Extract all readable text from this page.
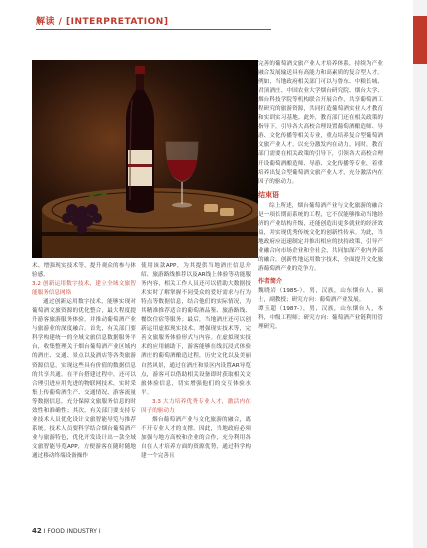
解读 / [INTERPRETATION]

术、增强现实技术等，提升观众的参与体验感。

3.2 创新运用数字技术，建立全域文旅智能服务信息网络

通过创新运用数字技术，能够实现对葡萄酒文旅资源的优化整合，最大程度提升游客旅游服务体验，并推动葡萄酒产业与旅游业的深度融合。首先，有关部门要科学构建统一的全域文旅信息数据服务平台，收集整理关于烟台葡萄酒产业区域内的酒庄、交通、景点以及酒店等各类旅游资源信息，实现这些具有价值的数据信息的共享共通。在平台搭建过程中，还可以合理引进应用先进的物联网技术，实时采集上传葡萄酒生产、交通情况、游客流量等数据信息，充分保障文旅服务信息的时效性和准确性；其次，有关部门要支持专业技术人员优化设计文旅智能导览与推荐系统。技术人员要科学结合烟台葡萄酒产业与旅游特色，优化开发设计出一款全域文旅智能导览APP，方便游客在随时随地通过移动终端设备操作

使用该款APP，为其提供当地酒庄信息介绍、旅游路线推荐以及AR线上体验等功能服务内容，相关工作人员还可以借助大数据技术实时了解掌握不同受众的爱好需求与行为特点等数据信息，结合他们的实际情况，为其精准推荐适合的葡萄酒品鉴、旅游路线、餐饮住宿等服务；最后，当地酒庄还可以创新运用虚拟现实技术、增强现实技术等，完善文旅服务体验形式与内容。在虚拟现实技术的应用辅助下，游客能够在线沉浸式体验酒庄的葡萄酒酿造过程，历史文化以及美丽自然风景，通过在酒庄和景区内设置AR导览点，游客可以借助相关设备即时获取相关文旅体验信息，切实增强他们的交互体验水平。

3.3 大力培养优秀专业人才，激活内在因子的驱动力

烟台葡萄酒产业与文化旅游的融合，离不开专业人才的支撑。因此，当地政府必须加强与地方高校和企业的合作，充分利用各自在人才培养方面的资源优势，通过科学构建一个完善且

完善的葡萄酒文旅产业人才培养体系，持续为产业融合发展输送具有高能力和高素质的复合型人才。例如，当地政府相关部门可以与鲁东、中粮长城、君顶酒庄、中国农业大学烟台研究院、烟台大学、烟台科技学院等机构联合开展合作，共享葡萄酒工程研究的旅游资源，共同打造葡萄酒实业人才教育和实训实习基地。此外，教育部门还在相关政策的指导下，引导各大高校合理设置葡萄酒酿造师、导游、文化传播等相关专业，重点培养复合型葡萄酒文旅产业人才，以充分激发内在动力。同时，教育部门需要在相关政策的引导下，引领各大高校合理开设葡萄酒酿造师、导游、文化传播等专业，着重培养出复合型葡萄酒文旅产业人才，充分激活内在因子的驱动力。

结束语

综上所述，烟台葡萄酒产业与文化旅游的融合是一项长期而系统的工程，它不仅能够推动当地经济的产业结构升级，还能创造出更多就业的经济效益，并实现优秀传统文化的创新性传承。为此，当地政府应迅速制定并推出相应的扶持政策，引导产业融合向市场企业和全社会，共同加深产业内外部的融合，创新性地运用数字技术，全面提升文化旅游葡萄酒产业的竞争力。

作者简介

魏晓岩（1985-），男，汉族，山东烟台人，硕士，副教授；研究方向：葡萄酒产业发展。

谭玉超（1987-），男，汉族，山东烟台人，本科，中级工程师；研究方向：葡萄酒产业链利用管理研究。

42 I FOOD INDUSTRY I
